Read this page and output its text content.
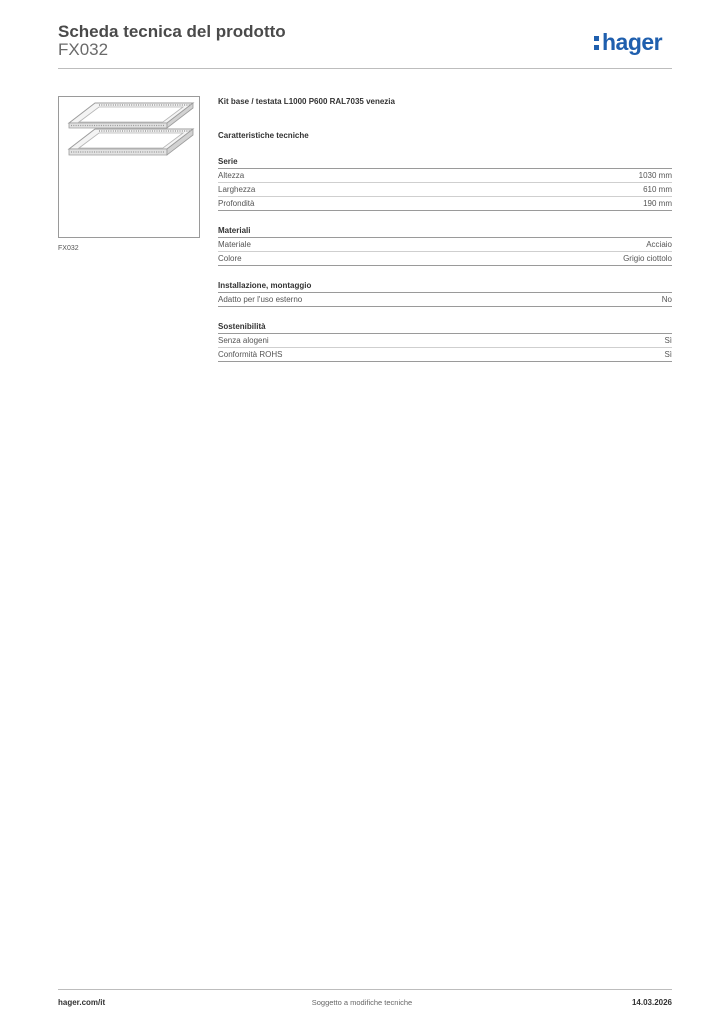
Scheda tecnica del prodotto
FX032	hager
FX032
Kit base / testata L1000 P600 RAL7035 venezia
Caratteristiche tecniche
Serie
Altezza	1030 mm
Larghezza	610 mm
Profondità	190 mm
Materiali
Materiale	Acciaio
Colore	Grigio ciottolo
Installazione, montaggio
Adatto per l'uso esterno	No
Sostenibilità
Senza alogeni	Sì
Conformità ROHS	Sì
hager.com/it	Soggetto a modifiche tecniche	14.03.2026
